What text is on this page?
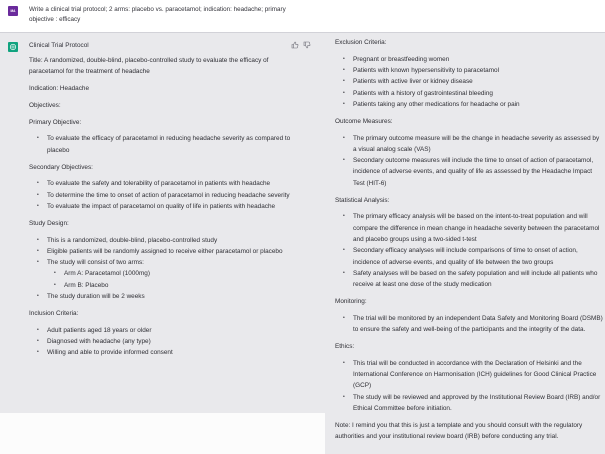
MA	Write a clinical trial protocol; 2 arms: placebo vs. paracetamol; indication: headache; primary objective : efficacy
Clinical Trial Protocol

Title: A randomized, double-blind, placebo-controlled study to evaluate the efficacy of paracetamol for the treatment of headache

Indication: Headache

Objectives:
Primary Objective:
• To evaluate the efficacy of paracetamol in reducing headache severity as compared to placebo
Secondary Objectives:
• To evaluate the safety and tolerability of paracetamol in patients with headache
• To determine the time to onset of action of paracetamol in reducing headache severity
• To evaluate the impact of paracetamol on quality of life in patients with headache
Study Design:
• This is a randomized, double-blind, placebo-controlled study
• Eligible patients will be randomly assigned to receive either paracetamol or placebo
• The study will consist of two arms:
• Arm A: Paracetamol (1000mg)
• Arm B: Placebo
• The study duration will be 2 weeks
Inclusion Criteria:
• Adult patients aged 18 years or older
• Diagnosed with headache (any type)
• Willing and able to provide informed consent
Exclusion Criteria:
• Pregnant or breastfeeding women
• Patients with known hypersensitivity to paracetamol
• Patients with active liver or kidney disease
• Patients with a history of gastrointestinal bleeding
• Patients taking any other medications for headache or pain
Outcome Measures:
• The primary outcome measure will be the change in headache severity as assessed by a visual analog scale (VAS)
• Secondary outcome measures will include the time to onset of action of paracetamol, incidence of adverse events, and quality of life as assessed by the Headache Impact Test (HIT-6)
Statistical Analysis:
• The primary efficacy analysis will be based on the intent-to-treat population and will compare the difference in mean change in headache severity between the paracetamol and placebo groups using a two-sided t-test
• Secondary efficacy analyses will include comparisons of time to onset of action, incidence of adverse events, and quality of life between the two groups
• Safety analyses will be based on the safety population and will include all patients who receive at least one dose of the study medication
Monitoring:
• The trial will be monitored by an independent Data Safety and Monitoring Board (DSMB) to ensure the safety and well-being of the participants and the integrity of the data.
Ethics:
• This trial will be conducted in accordance with the Declaration of Helsinki and the International Conference on Harmonisation (ICH) guidelines for Good Clinical Practice (GCP)
• The study will be reviewed and approved by the Institutional Review Board (IRB) and/or Ethical Committee before initiation.

Note: I remind you that this is just a template and you should consult with the regulatory authorities and your institutional review board (IRB) before conducting any trial.
